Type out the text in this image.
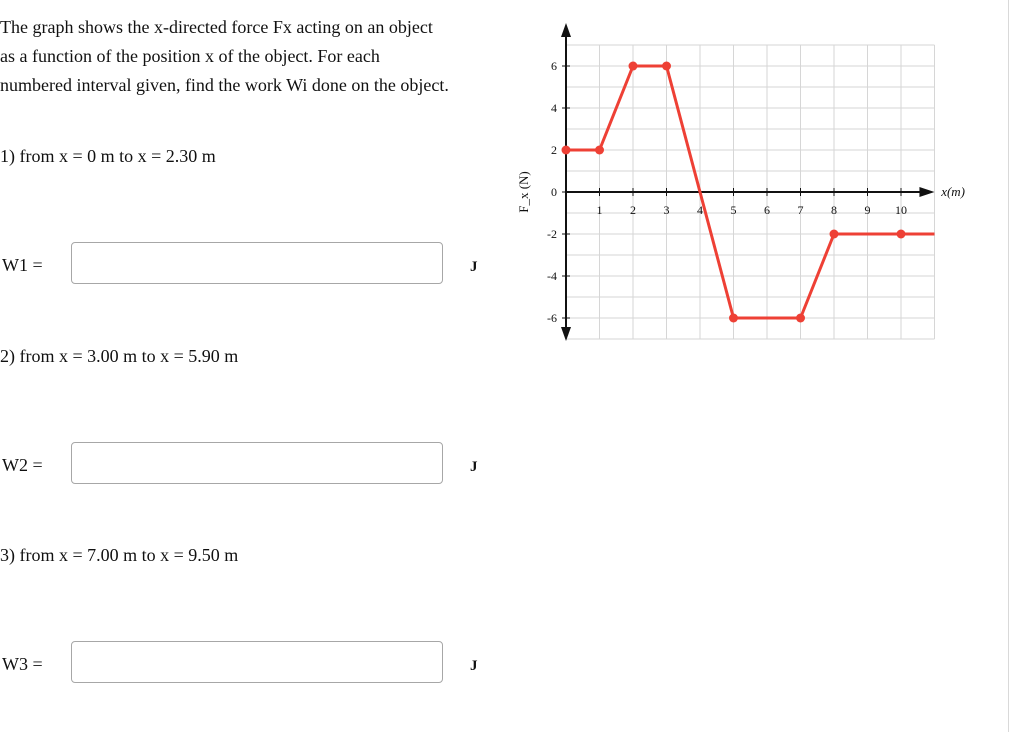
The graph shows the x-directed force Fx acting on an object
as a function of the position x of the object. For each
numbered interval given, find the work Wi done on the object.
1) from x = 0 m to x = 2.30 m
W1 =	J
2) from x = 3.00 m to x = 5.90 m
W2 =	J
3) from x = 7.00 m to x = 9.50 m
W3 =	J
1 2 3 4 5 6 7 8 9 10
-6
-4
-2
0
2
4
6
x(m)
F_x (N)
